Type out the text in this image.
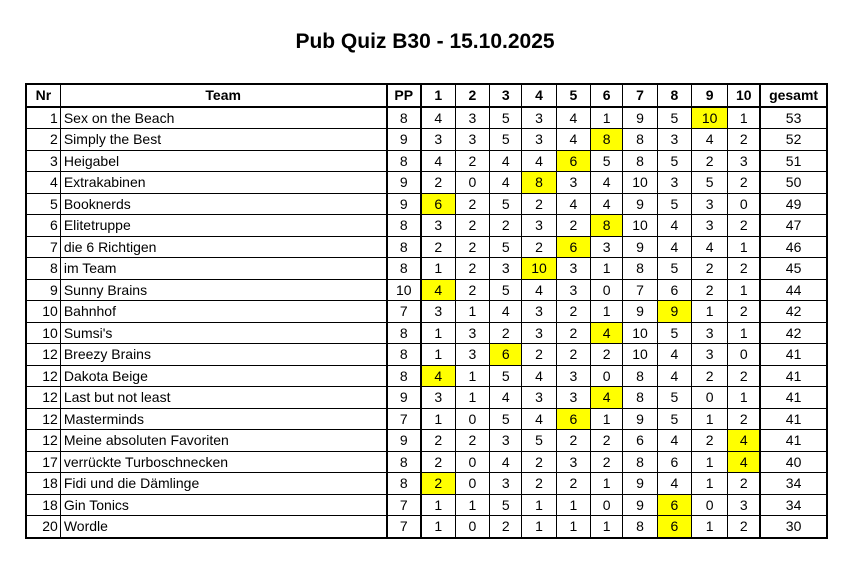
Pub Quiz B30 - 15.10.2025
Nr	Team	PP	1	2	3	4	5	6	7	8	9	10	gesamt
1	Sex on the Beach	8	4	3	5	3	4	1	9	5	10	1	53
2	Simply the Best	9	3	3	5	3	4	8	8	3	4	2	52
3	Heigabel	8	4	2	4	4	6	5	8	5	2	3	51
4	Extrakabinen	9	2	0	4	8	3	4	10	3	5	2	50
5	Booknerds	9	6	2	5	2	4	4	9	5	3	0	49
6	Elitetruppe	8	3	2	2	3	2	8	10	4	3	2	47
7	die 6 Richtigen	8	2	2	5	2	6	3	9	4	4	1	46
8	im Team	8	1	2	3	10	3	1	8	5	2	2	45
9	Sunny Brains	10	4	2	5	4	3	0	7	6	2	1	44
10	Bahnhof	7	3	1	4	3	2	1	9	9	1	2	42
10	Sumsi's	8	1	3	2	3	2	4	10	5	3	1	42
12	Breezy Brains	8	1	3	6	2	2	2	10	4	3	0	41
12	Dakota Beige	8	4	1	5	4	3	0	8	4	2	2	41
12	Last but not least	9	3	1	4	3	3	4	8	5	0	1	41
12	Masterminds	7	1	0	5	4	6	1	9	5	1	2	41
12	Meine absoluten Favoriten	9	2	2	3	5	2	2	6	4	2	4	41
17	verrückte Turboschnecken	8	2	0	4	2	3	2	8	6	1	4	40
18	Fidi und die Dämlinge	8	2	0	3	2	2	1	9	4	1	2	34
18	Gin Tonics	7	1	1	5	1	1	0	9	6	0	3	34
20	Wordle	7	1	0	2	1	1	1	8	6	1	2	30
